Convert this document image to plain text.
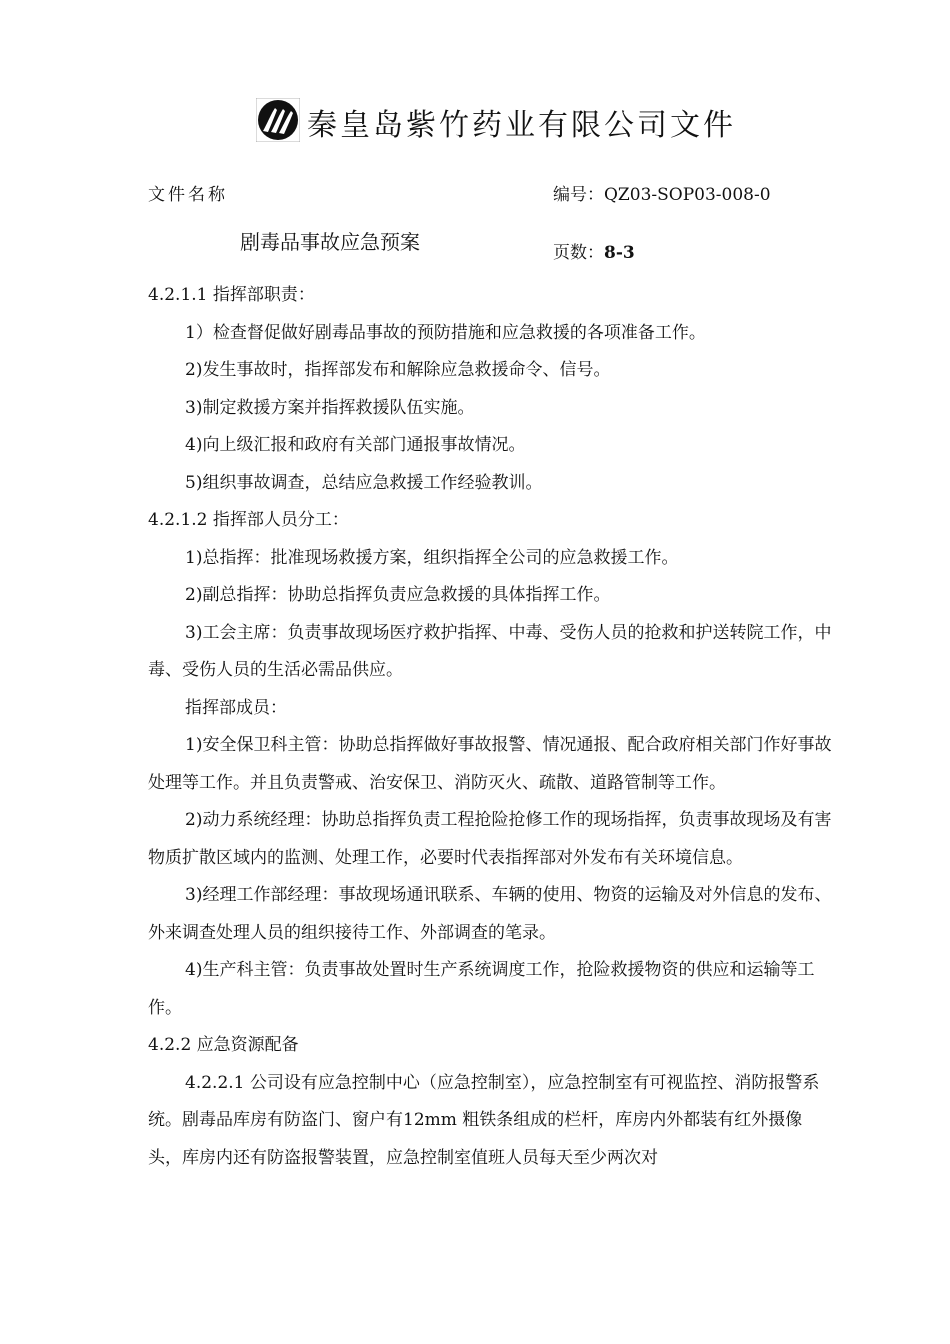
秦皇岛紫竹药业有限公司文件
文件名称	编号：QZ03-SOP03-008-0
剧毒品事故应急预案	页数：8-3

4.2.1.1 指挥部职责：

1）检查督促做好剧毒品事故的预防措施和应急救援的各项准备工作。

2)发生事故时，指挥部发布和解除应急救援命令、信号。

3)制定救援方案并指挥救援队伍实施。

4)向上级汇报和政府有关部门通报事故情况。

5)组织事故调查，总结应急救援工作经验教训。

4.2.1.2 指挥部人员分工：

1)总指挥：批准现场救援方案，组织指挥全公司的应急救援工作。

2)副总指挥：协助总指挥负责应急救援的具体指挥工作。

3)工会主席：负责事故现场医疗救护指挥、中毒、受伤人员的抢救和护送转院工作，中毒、受伤人员的生活必需品供应。

指挥部成员：

1)安全保卫科主管：协助总指挥做好事故报警、情况通报、配合政府相关部门作好事故处理等工作。并且负责警戒、治安保卫、消防灭火、疏散、道路管制等工作。

2)动力系统经理：协助总指挥负责工程抢险抢修工作的现场指挥，负责事故现场及有害物质扩散区域内的监测、处理工作，必要时代表指挥部对外发布有关环境信息。

3)经理工作部经理：事故现场通讯联系、车辆的使用、物资的运输及对外信息的发布、外来调查处理人员的组织接待工作、外部调查的笔录。

4)生产科主管：负责事故处置时生产系统调度工作，抢险救援物资的供应和运输等工作。

4.2.2 应急资源配备

4.2.2.1 公司设有应急控制中心（应急控制室），应急控制室有可视监控、消防报警系统。剧毒品库房有防盗门、窗户有12mm 粗铁条组成的栏杆，库房内外都装有红外摄像头，库房内还有防盗报警装置，应急控制室值班人员每天至少两次对
